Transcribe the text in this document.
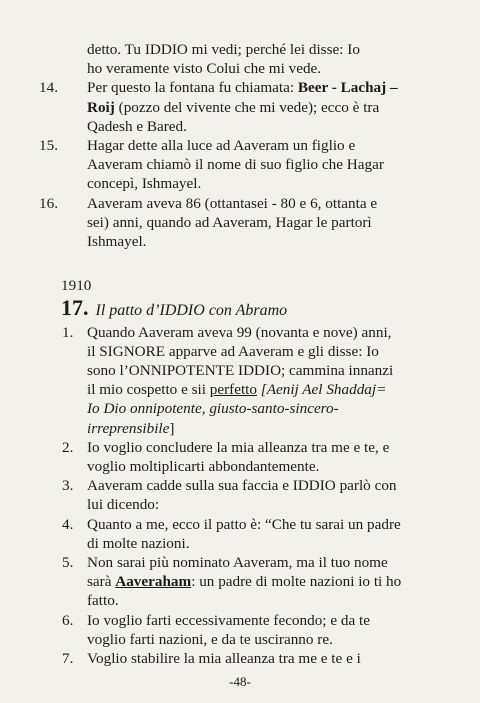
detto. Tu IDDIO mi vedi; perché lei disse: Io
ho veramente visto Colui che mi vede.
14.	Per questo la fontana fu chiamata: Beer - Lachaj – Roij (pozzo del vivente che mi vede); ecco è tra Qadesh e Bared.
15.	Hagar dette alla luce ad Aaveram un figlio e Aaveram chiamò il nome di suo figlio che Hagar concepì, Ishmayel.
16.	Aaveram aveva 86 (ottantasei - 80 e 6, ottanta e sei) anni, quando ad Aaveram, Hagar le partorì Ishmayel.
1910
17. Il patto d’IDDIO con Abramo
1. Quando Aaveram aveva 99 (novanta e nove) anni, il SIGNORE apparve ad Aaveram e gli disse: Io sono l’ONNIPOTENTE IDDIO; cammina innanzi il mio cospetto e sii perfetto [Aenij Ael Shaddaj= Io Dio onnipotente, giusto-santo-sincero- irreprensibile]
2. Io voglio concludere la mia alleanza tra me e te, e voglio moltiplicarti abbondantemente.
3. Aaveram cadde sulla sua faccia e IDDIO parlò con lui dicendo:
4. Quanto a me, ecco il patto è: “Che tu sarai un padre di molte nazioni.
5. Non sarai più nominato Aaveram, ma il tuo nome sarà Aaveraham: un padre di molte nazioni io ti ho fatto.
6. Io voglio farti eccessivamente fecondo; e da te voglio farti nazioni, e da te usciranno re.
7. Voglio stabilire la mia alleanza tra me e te e i
-48-
